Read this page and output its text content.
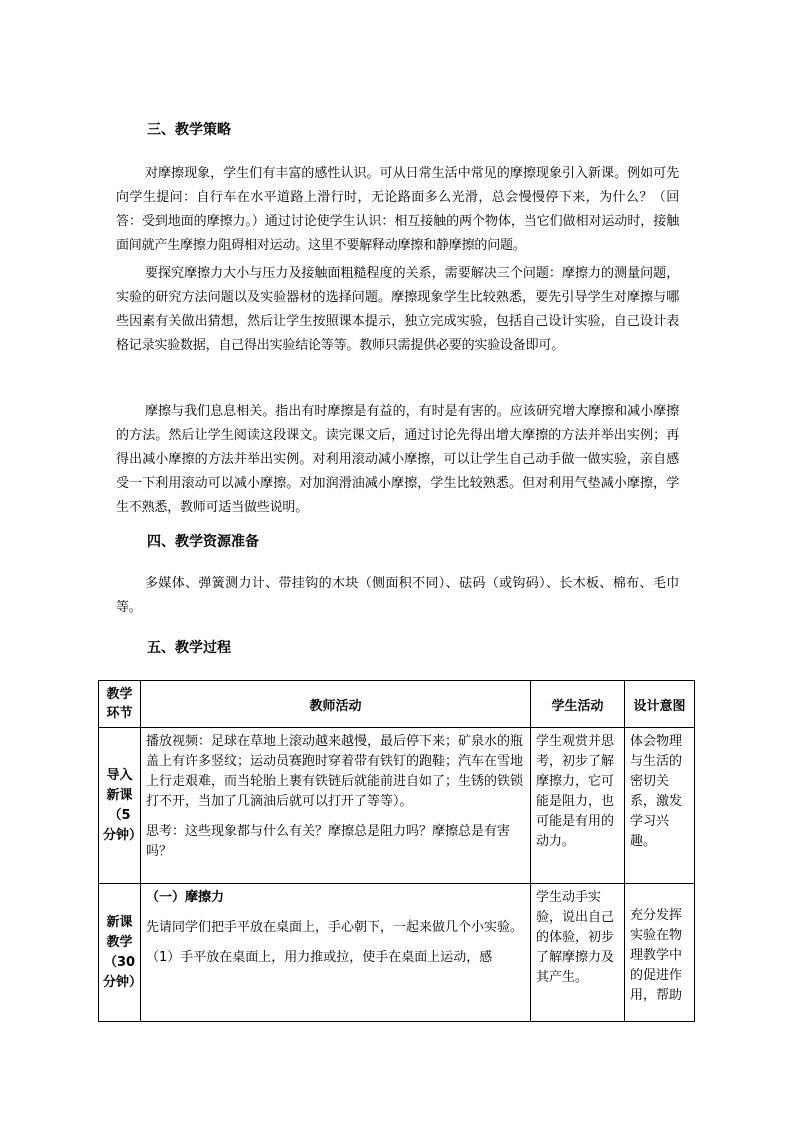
三、教学策略

对摩擦现象，学生们有丰富的感性认识。可从日常生活中常见的摩擦现象引入新课。例如可先向学生提问：自行车在水平道路上滑行时，无论路面多么光滑，总会慢慢停下来，为什么？（回答：受到地面的摩擦力。）通过讨论使学生认识：相互接触的两个物体，当它们做相对运动时，接触面间就产生摩擦力阻碍相对运动。这里不要解释动摩擦和静摩擦的问题。

要探究摩擦力大小与压力及接触面粗糙程度的关系，需要解决三个问题：摩擦力的测量问题，实验的研究方法问题以及实验器材的选择问题。摩擦现象学生比较熟悉，要先引导学生对摩擦与哪些因素有关做出猜想，然后让学生按照课本提示，独立完成实验，包括自己设计实验，自己设计表格记录实验数据，自己得出实验结论等等。教师只需提供必要的实验设备即可。

摩擦与我们息息相关。指出有时摩擦是有益的，有时是有害的。应该研究增大摩擦和减小摩擦的方法。然后让学生阅读这段课文。读完课文后，通过讨论先得出增大摩擦的方法并举出实例；再得出减小摩擦的方法并举出实例。对利用滚动减小摩擦，可以让学生自己动手做一做实验，亲自感受一下利用滚动可以减小摩擦。对加润滑油减小摩擦，学生比较熟悉。但对利用气垫减小摩擦，学生不熟悉，教师可适当做些说明。

四、教学资源准备

多媒体、弹簧测力计、带挂钩的木块（侧面积不同）、砝码（或钩码）、长木板、棉布、毛巾等。

五、教学过程
教学环节	教师活动	学生活动	设计意图

导入新课（5分钟）	播放视频：足球在草地上滚动越来越慢，最后停下来；矿泉水的瓶盖上有许多竖纹；运动员赛跑时穿着带有铁钉的跑鞋；汽车在雪地上行走艰难，而当轮胎上裹有铁链后就能前进自如了；生锈的铁锁打不开，当加了几滴油后就可以打开了等等）。

思考：这些现象都与什么有关？摩擦总是阻力吗？摩擦总是有害吗？	学生观赏并思考，初步了解摩擦力，它可能是阻力，也可能是有用的动力。	体会物理与生活的密切关系，激发学习兴趣。

新课教学（30分钟）	（一）摩擦力

先请同学们把手平放在桌面上，手心朝下，一起来做几个小实验。

（1）手平放在桌面上，用力推或拉，使手在桌面上运动，感	学生动手实验，说出自己的体验，初步了解摩擦力及其产生。	充分发挥实验在物理教学中的促进作用，帮助
